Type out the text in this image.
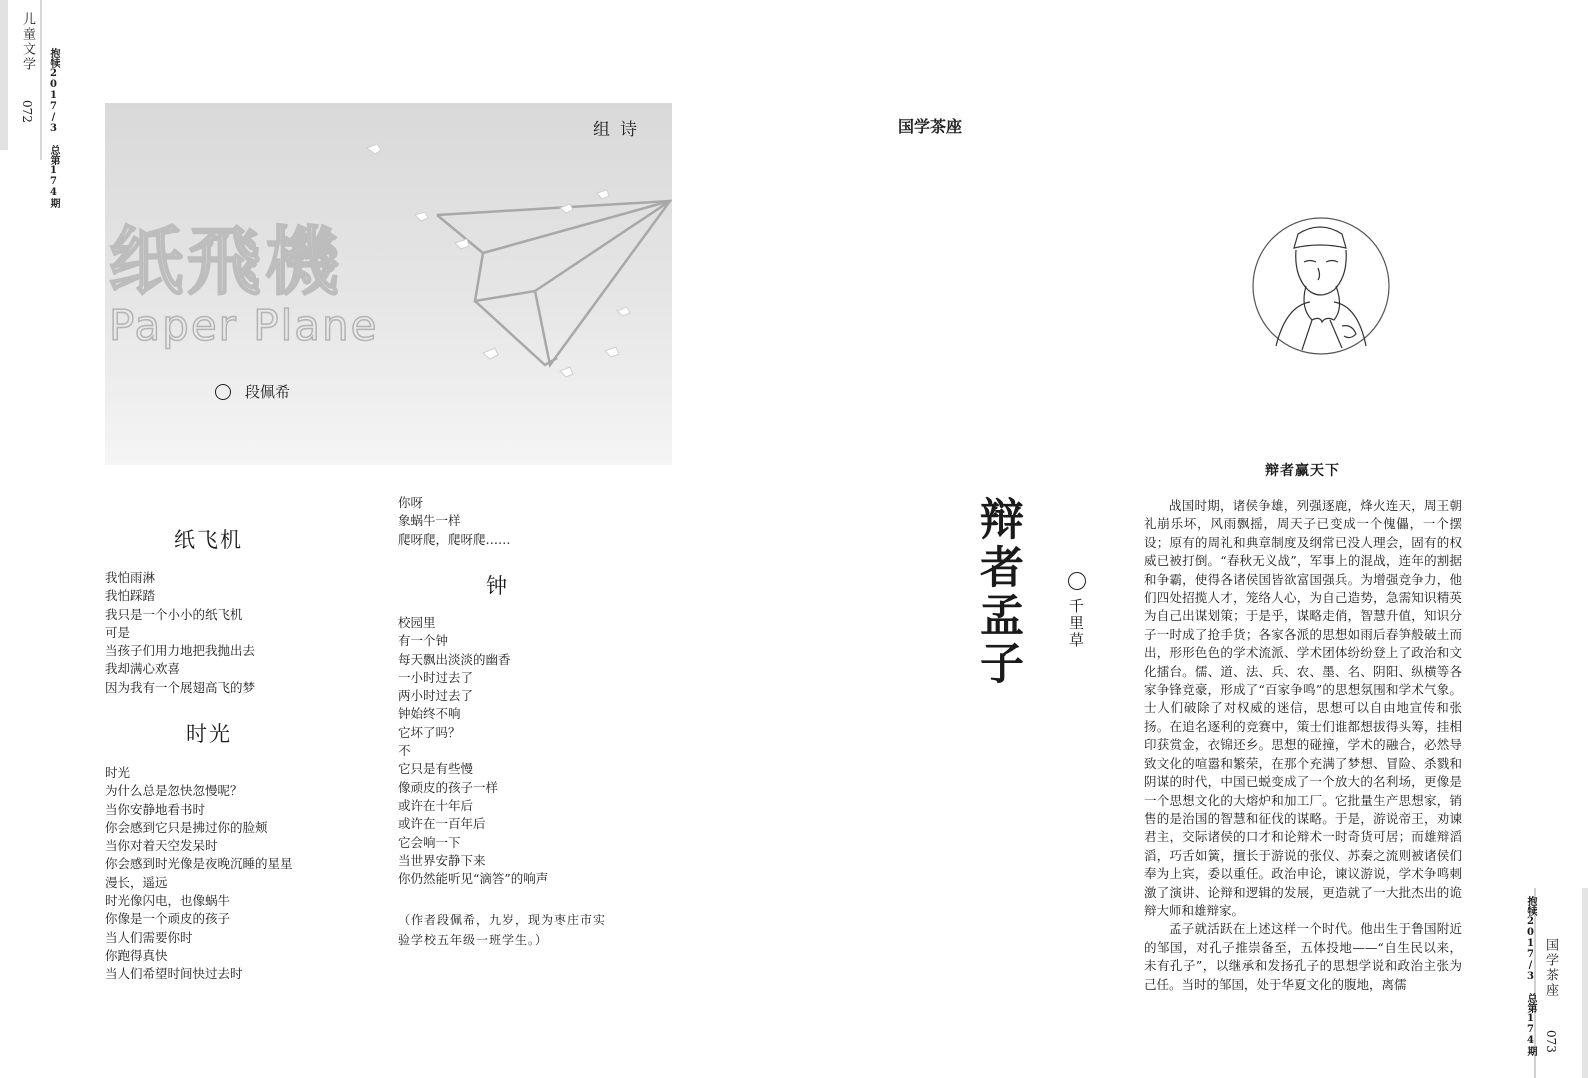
儿童文学
072 抱犊2017/3 总第174期
国学茶座
073
抱犊2017/3 总第174期
组诗
纸飛機
Paper Plane
段佩希
纸飞机
我怕雨淋
我怕踩踏
我只是一个小小的纸飞机
可是
当孩子们用力地把我抛出去
我却满心欢喜
因为我有一个展翅高飞的梦
时光
时光
为什么总是忽快忽慢呢？
当你安静地看书时
你会感到它只是拂过你的脸颊
当你对着天空发呆时
你会感到时光像是夜晚沉睡的星星
漫长，遥远
时光像闪电，也像蜗牛
你像是一个顽皮的孩子
当人们需要你时
你跑得真快
当人们希望时间快过去时
你呀
象蜗牛一样
爬呀爬，爬呀爬……
钟
校园里
有一个钟
每天飘出淡淡的幽香
一小时过去了
两小时过去了
钟始终不响
它坏了吗？
不
它只是有些慢
像顽皮的孩子一样
或许在十年后
或许在一百年后
它会响一下
当世界安静下来
你仍然能听见“滴答”的响声
（作者段佩希，九岁，现为枣庄市实验学校五年级一班学生。）
国学茶座
辩者孟子	千里草
辩者赢天下

战国时期，诸侯争雄，列强逐鹿，烽火连天，周王朝礼崩乐坏，风雨飘摇，周天子已变成一个傀儡，一个摆设；原有的周礼和典章制度及纲常已没人理会，固有的权威已被打倒。“春秋无义战”，军事上的混战，连年的割据和争霸，使得各诸侯国皆欲富国强兵。为增强竞争力，他们四处招揽人才，笼络人心，为自己造势，急需知识精英为自己出谋划策；于是乎，谋略走俏，智慧升值，知识分子一时成了抢手货；各家各派的思想如雨后春笋般破土而出，形形色色的学术流派、学术团体纷纷登上了政治和文化擂台。儒、道、法、兵、农、墨、名、阴阳、纵横等各家争锋竞豪，形成了“百家争鸣”的思想氛围和学术气象。士人们破除了对权威的迷信，思想可以自由地宣传和张扬。在追名逐利的竞赛中，策士们谁都想拔得头筹，挂相印获赏金，衣锦还乡。思想的碰撞，学术的融合，必然导致文化的喧嚣和繁荣，在那个充满了梦想、冒险、杀戮和阴谋的时代，中国已蜕变成了一个放大的名利场，更像是一个思想文化的大熔炉和加工厂。它批量生产思想家，销售的是治国的智慧和征伐的谋略。于是，游说帝王，劝谏君主，交际诸侯的口才和论辩术一时奇货可居；而雄辩滔滔，巧舌如簧，擅长于游说的张仪、苏秦之流则被诸侯们奉为上宾，委以重任。政治申论，谏议游说，学术争鸣刺激了演讲、论辩和逻辑的发展，更造就了一大批杰出的诡辩大师和雄辩家。

孟子就活跃在上述这样一个时代。他出生于鲁国附近的邹国，对孔子推崇备至，五体投地——“自生民以来，未有孔子”，以继承和发扬孔子的思想学说和政治主张为己任。当时的邹国，处于华夏文化的腹地，离儒
